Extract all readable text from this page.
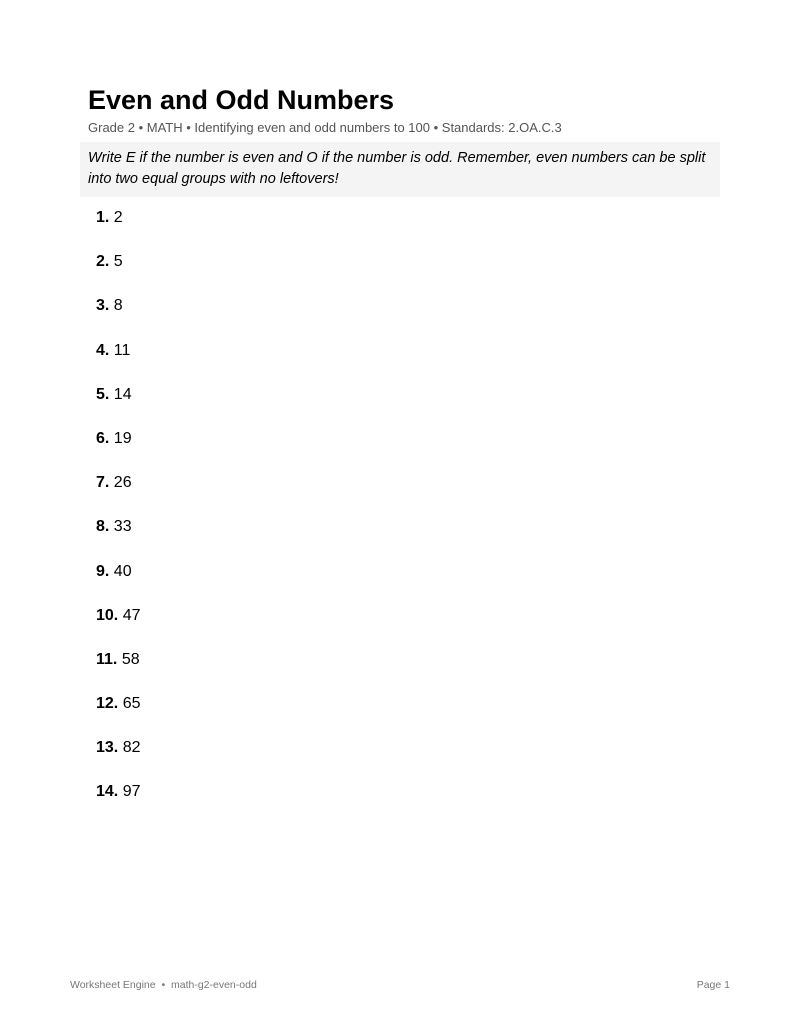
Even and Odd Numbers
Grade 2 • MATH • Identifying even and odd numbers to 100 • Standards: 2.OA.C.3
Write E if the number is even and O if the number is odd. Remember, even numbers can be split into two equal groups with no leftovers!
1. 2
2. 5
3. 8
4. 11
5. 14
6. 19
7. 26
8. 33
9. 40
10. 47
11. 58
12. 65
13. 82
14. 97
Worksheet Engine • math-g2-even-odd	Page 1
